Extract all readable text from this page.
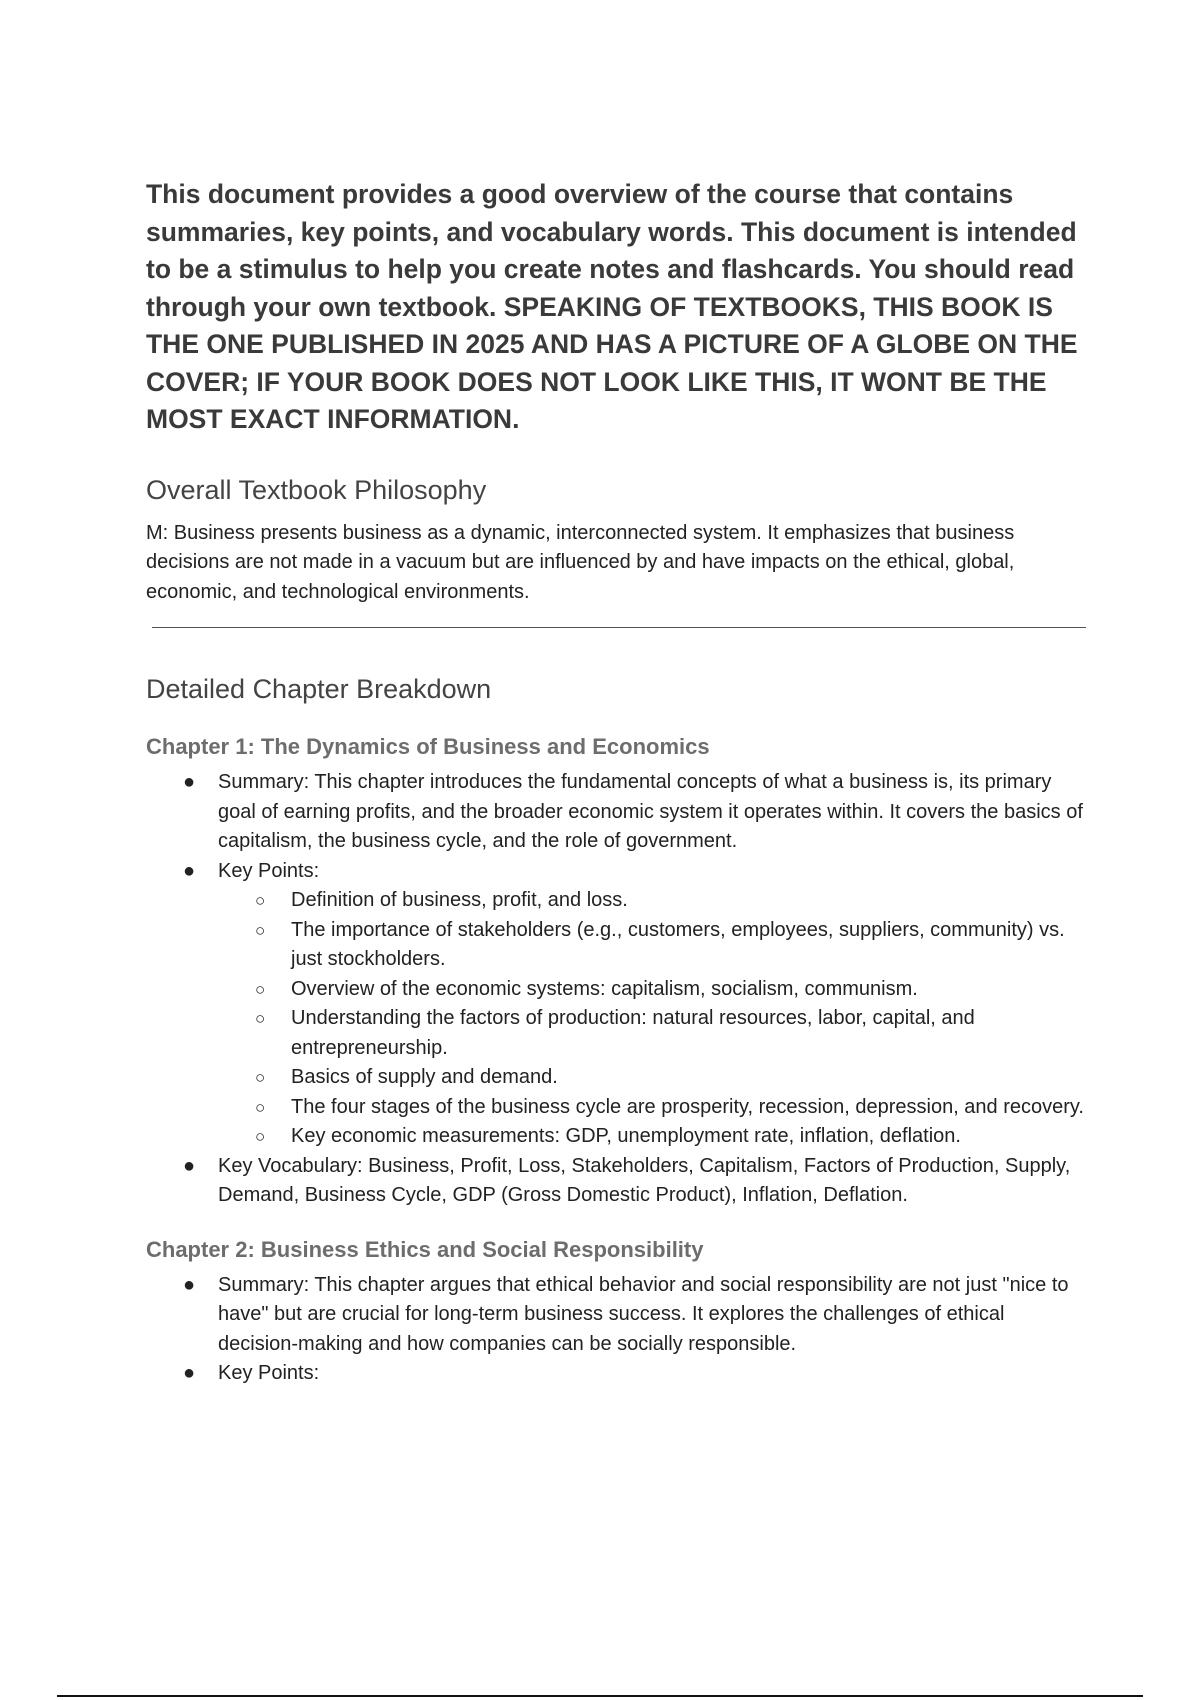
This document provides a good overview of the course that contains summaries, key points, and vocabulary words. This document is intended to be a stimulus to help you create notes and flashcards. You should read through your own textbook. SPEAKING OF TEXTBOOKS, THIS BOOK IS THE ONE PUBLISHED IN 2025 AND HAS A PICTURE OF A GLOBE ON THE COVER; IF YOUR BOOK DOES NOT LOOK LIKE THIS, IT WONT BE THE MOST EXACT INFORMATION.

Overall Textbook Philosophy

M: Business presents business as a dynamic, interconnected system. It emphasizes that business decisions are not made in a vacuum but are influenced by and have impacts on the ethical, global, economic, and technological environments.

Detailed Chapter Breakdown
Chapter 1: The Dynamics of Business and Economics
● Summary: This chapter introduces the fundamental concepts of what a business is, its primary goal of earning profits, and the broader economic system it operates within. It covers the basics of capitalism, the business cycle, and the role of government.
● Key Points:
○ Definition of business, profit, and loss.
○ The importance of stakeholders (e.g., customers, employees, suppliers, community) vs. just stockholders.
○ Overview of the economic systems: capitalism, socialism, communism.
○ Understanding the factors of production: natural resources, labor, capital, and entrepreneurship.
○ Basics of supply and demand.
○ The four stages of the business cycle are prosperity, recession, depression, and recovery.
○ Key economic measurements: GDP, unemployment rate, inflation, deflation.
● Key Vocabulary: Business, Profit, Loss, Stakeholders, Capitalism, Factors of Production, Supply, Demand, Business Cycle, GDP (Gross Domestic Product), Inflation, Deflation.
Chapter 2: Business Ethics and Social Responsibility
● Summary: This chapter argues that ethical behavior and social responsibility are not just "nice to have" but are crucial for long-term business success. It explores the challenges of ethical decision-making and how companies can be socially responsible.
● Key Points:
